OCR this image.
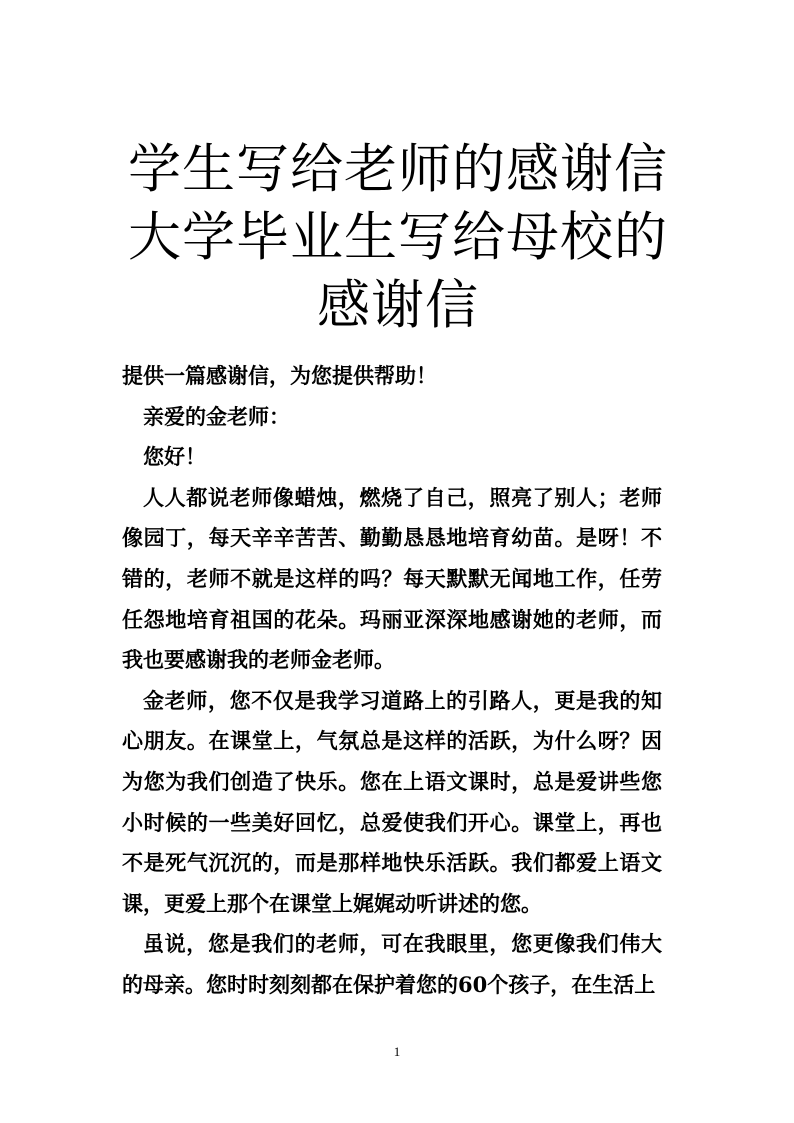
学生写给老师的感谢信 大学毕业生写给母校的感谢信

提供一篇感谢信，为您提供帮助！

亲爱的金老师：

您好！

人人都说老师像蜡烛，燃烧了自己，照亮了别人；老师像园丁，每天辛辛苦苦、勤勤恳恳地培育幼苗。是呀！不错的，老师不就是这样的吗？每天默默无闻地工作，任劳任怨地培育祖国的花朵。玛丽亚深深地感谢她的老师，而我也要感谢我的老师金老师。

金老师，您不仅是我学习道路上的引路人，更是我的知心朋友。在课堂上，气氛总是这样的活跃，为什么呀？因为您为我们创造了快乐。您在上语文课时，总是爱讲些您小时候的一些美好回忆，总爱使我们开心。课堂上，再也不是死气沉沉的，而是那样地快乐活跃。我们都爱上语文课，更爱上那个在课堂上娓娓动听讲述的您。

虽说，您是我们的老师，可在我眼里，您更像我们伟大的母亲。您时时刻刻都在保护着您的60个孩子，在生活上

1
